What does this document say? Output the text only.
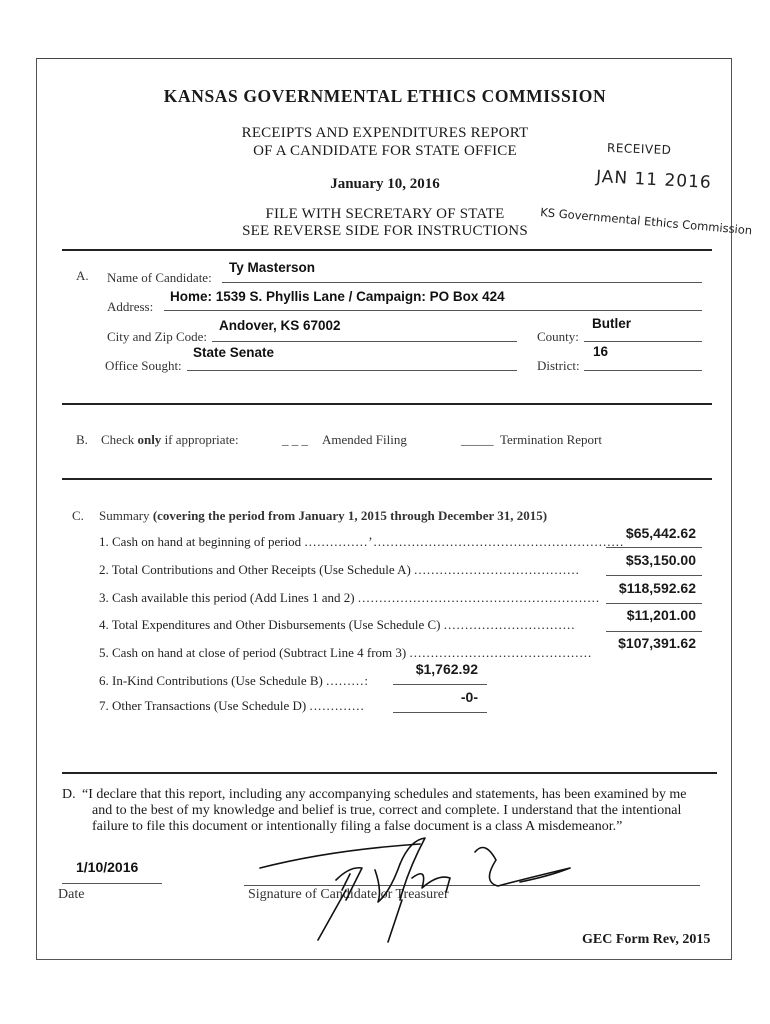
KANSAS GOVERNMENTAL ETHICS COMMISSION
RECEIPTS AND EXPENDITURES REPORT
OF A CANDIDATE FOR STATE OFFICE
January 10, 2016
FILE WITH SECRETARY OF STATE
SEE REVERSE SIDE FOR INSTRUCTIONS
RECEIVED
JAN 11 2016
KS Governmental Ethics Commission
A. Name of Candidate:
Ty Masterson
Address:
Home: 1539 S. Phyllis Lane / Campaign: PO Box 424
City and Zip Code:
Andover, KS 67002
County:
Butler
Office Sought:
State Senate
District:
16
B. Check only if appropriate:	_ _ _ Amended Filing	_____ Termination Report
C. Summary (covering the period from January 1, 2015 through December 31, 2015)
1. Cash on hand at beginning of period ...............’...........................................................
$65,442.62
2. Total Contributions and Other Receipts (Use Schedule A) .......................................
$53,150.00
3. Cash available this period (Add Lines 1 and 2) .........................................................
$118,592.62
4. Total Expenditures and Other Disbursements (Use Schedule C) ...............................
$11,201.00
5. Cash on hand at close of period (Subtract Line 4 from 3) ...........................................
$107,391.62
6. In-Kind Contributions (Use Schedule B) .........:
$1,762.92
7. Other Transactions (Use Schedule D) .............
-0-
D. “I declare that this report, including any accompanying schedules and statements, has been examined by me
and to the best of my knowledge and belief is true, correct and complete. I understand that the intentional
failure to file this document or intentionally filing a false document is a class A misdemeanor.”
1/10/2016
Date	Signature of Candidate or Treasurer
GEC Form Rev, 2015
